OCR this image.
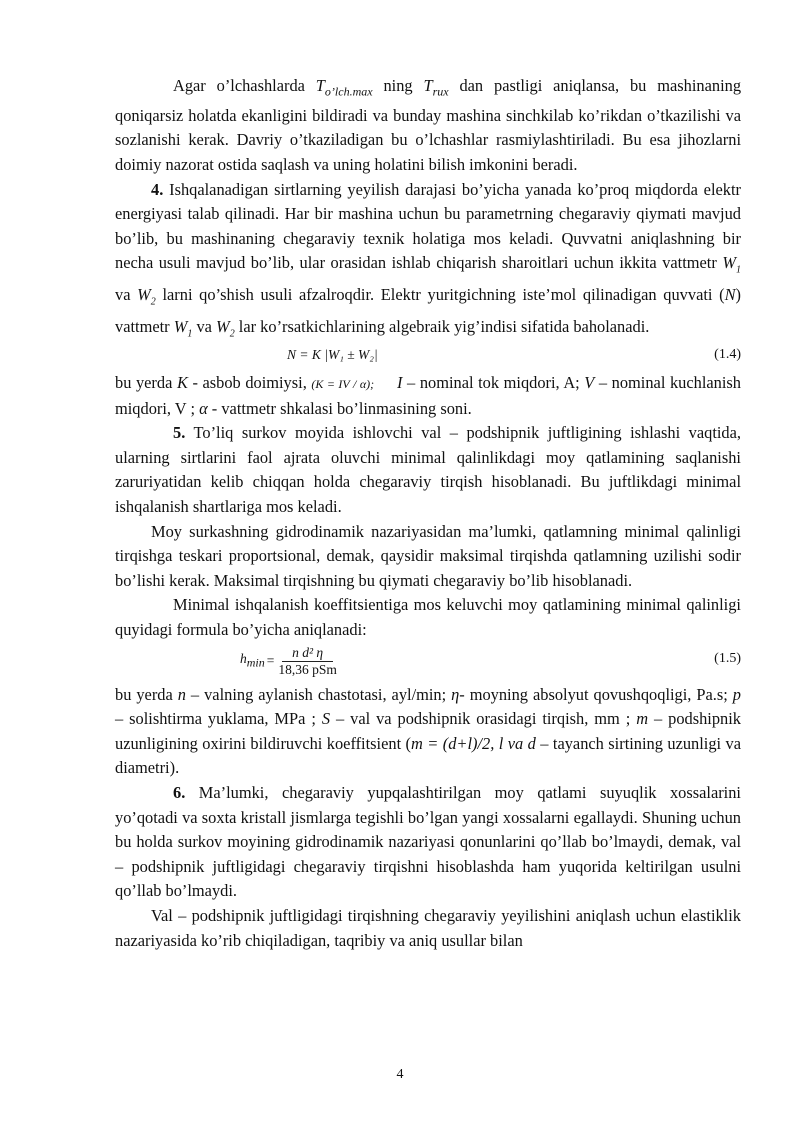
Agar o’lchashlarda $T_{o’lch.max}$ ning $T_{rux}$ dan pastligi aniqlansa, bu mashinaning qoniqarsiz holatda ekanligini bildiradi va bunday mashina sinchkilab ko’rikdan o’tkazilishi va sozlanishi kerak. Davriy o’tkaziladigan bu o’lchashlar rasmiylashtiriladi. Bu esa jihozlarni doimiy nazorat ostida saqlash va uning holatini bilish imkonini beradi.

4. Ishqalanadigan sirtlarning yeyilish darajasi bo’yicha yanada ko’proq miqdorda elektr energiyasi talab qilinadi. Har bir mashina uchun bu parametrning chegaraviy qiymati mavjud bo’lib, bu mashinaning chegaraviy texnik holatiga mos keladi. Quvvatni aniqlashning bir necha usuli mavjud bo’lib, ular orasidan ishlab chiqarish sharoitlari uchun ikkita vattmetr $W_1$ va $W_2$ larni qo’shish usuli afzalroqdir. Elektr yuritgichning iste’mol qilinadigan quvvati (N) vattmetr $W_1$ va $W_2$ lar ko’rsatkichlarining algebraik yig’indisi sifatida baholanadi.

N = K |W₁ ± W₂|	(1.4)

bu yerda K - asbob doimiysi, (K = IV / α); I – nominal tok miqdori, A; V – nominal kuchlanish miqdori, V ; α - vattmetr shkalasi bo’linmasining soni.

5. To’liq surkov moyida ishlovchi val – podshipnik juftligining ishlashi vaqtida, ularning sirtlarini faol ajrata oluvchi minimal qalinlikdagi moy qatlamining saqlanishi zaruriyatidan kelib chiqqan holda chegaraviy tirqish hisoblanadi. Bu juftlikdagi minimal ishqalanish shartlariga mos keladi.

Moy surkashning gidrodinamik nazariyasidan ma’lumki, qatlamning minimal qalinligi tirqishga teskari proportsional, demak, qaysidir maksimal tirqishda qatlamning uzilishi sodir bo’lishi kerak. Maksimal tirqishning bu qiymati chegaraviy bo’lib hisoblanadi.

Minimal ishqalanish koeffitsientiga mos keluvchi moy qatlamining minimal qalinligi quyidagi formula bo’yicha aniqlanadi:

$h_{min} = \frac{\text{n d² η}}{\text{18,36 pSm}}$	(1.5)

bu yerda n – valning aylanish chastotasi, ayl/min; η- moyning absolyut qovushqoqligi, Pa.s; p – solishtirma yuklama, MPa ; S – val va podshipnik orasidagi tirqish, mm ; m – podshipnik uzunligining oxirini bildiruvchi koeffitsient (m = (d+l)/2, l va d – tayanch sirtining uzunligi va diametri).

6. Ma’lumki, chegaraviy yupqalashtirilgan moy qatlami suyuqlik xossalarini yo’qotadi va soxta kristall jismlarga tegishli bo’lgan yangi xossalarni egallaydi. Shuning uchun bu holda surkov moyining gidrodinamik nazariyasi qonunlarini qo’llab bo’lmaydi, demak, val – podshipnik juftligidagi chegaraviy tirqishni hisoblashda ham yuqorida keltirilgan usulni qo’llab bo’lmaydi.

Val – podshipnik juftligidagi tirqishning chegaraviy yeyilishini aniqlash uchun elastiklik nazariyasida ko’rib chiqiladigan, taqribiy va aniq usullar bilan

4
